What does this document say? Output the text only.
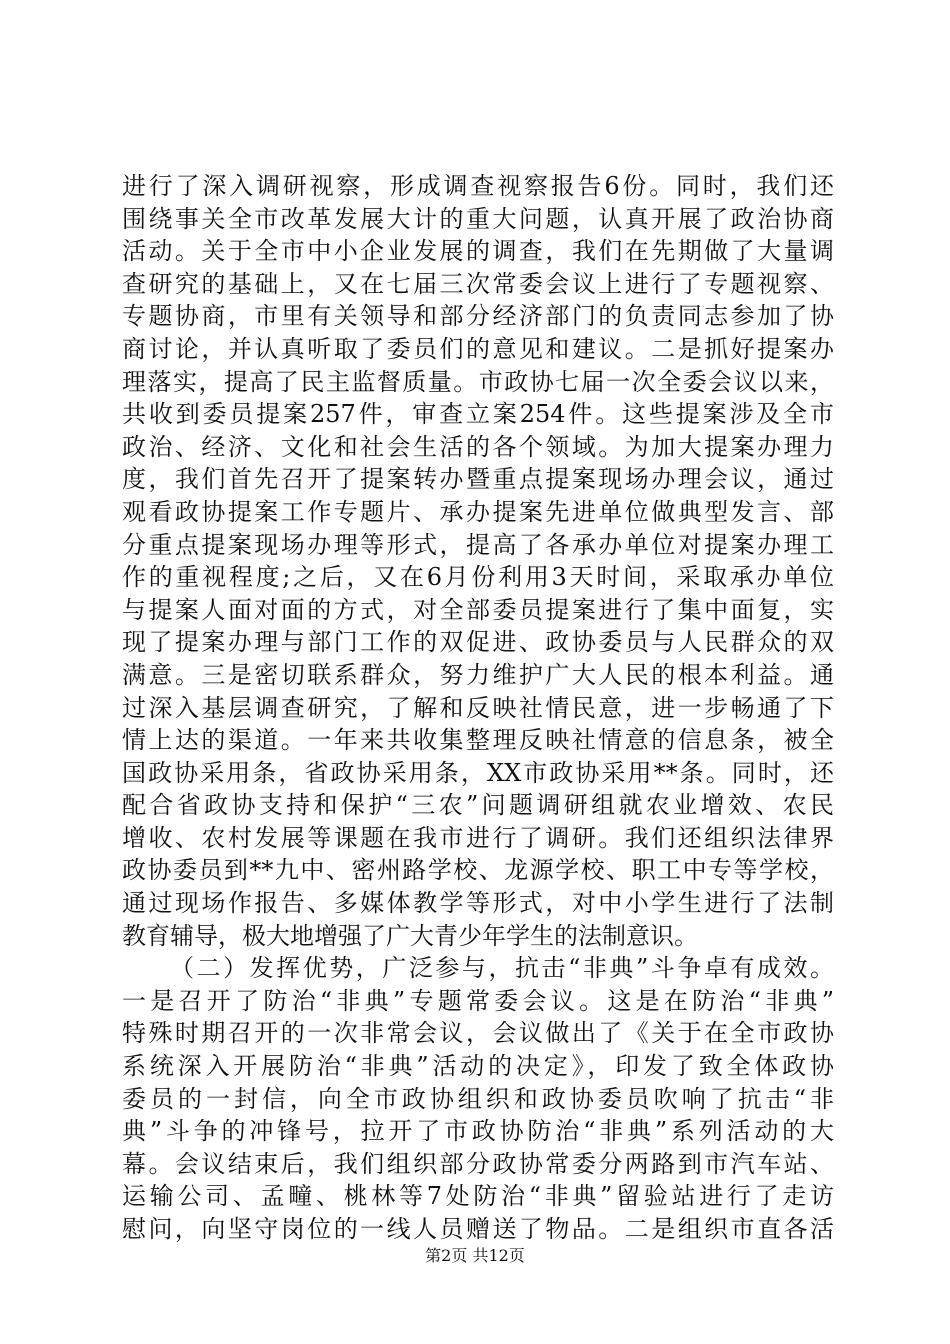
进行了深入调研视察，形成调查视察报告6份。同时，我们还
围绕事关全市改革发展大计的重大问题，认真开展了政治协商
活动。关于全市中小企业发展的调查，我们在先期做了大量调
查研究的基础上，又在七届三次常委会议上进行了专题视察、
专题协商，市里有关领导和部分经济部门的负责同志参加了协
商讨论，并认真听取了委员们的意见和建议。二是抓好提案办
理落实，提高了民主监督质量。市政协七届一次全委会议以来，
共收到委员提案257件，审查立案254件。这些提案涉及全市
政治、经济、文化和社会生活的各个领域。为加大提案办理力
度，我们首先召开了提案转办暨重点提案现场办理会议，通过
观看政协提案工作专题片、承办提案先进单位做典型发言、部
分重点提案现场办理等形式，提高了各承办单位对提案办理工
作的重视程度;之后，又在6月份利用3天时间，采取承办单位
与提案人面对面的方式，对全部委员提案进行了集中面复，实
现了提案办理与部门工作的双促进、政协委员与人民群众的双
满意。三是密切联系群众，努力维护广大人民的根本利益。通
过深入基层调查研究，了解和反映社情民意，进一步畅通了下
情上达的渠道。一年来共收集整理反映社情意的信息条，被全
国政协采用条，省政协采用条，XX市政协采用**条。同时，还
配合省政协支持和保护“三农”问题调研组就农业增效、农民
增收、农村发展等课题在我市进行了调研。我们还组织法律界
政协委员到**九中、密州路学校、龙源学校、职工中专等学校，
通过现场作报告、多媒体教学等形式，对中小学生进行了法制
教育辅导，极大地增强了广大青少年学生的法制意识。
（二）发挥优势，广泛参与，抗击“非典”斗争卓有成效。
一是召开了防治“非典”专题常委会议。这是在防治“非典”
特殊时期召开的一次非常会议，会议做出了《关于在全市政协
系统深入开展防治“非典”活动的决定》，印发了致全体政协
委员的一封信，向全市政协组织和政协委员吹响了抗击“非
典”斗争的冲锋号，拉开了市政协防治“非典”系列活动的大
幕。会议结束后，我们组织部分政协常委分两路到市汽车站、
运输公司、孟疃、桃林等7处防治“非典”留验站进行了走访
慰问，向坚守岗位的一线人员赠送了物品。二是组织市直各活
第2页 共12页
